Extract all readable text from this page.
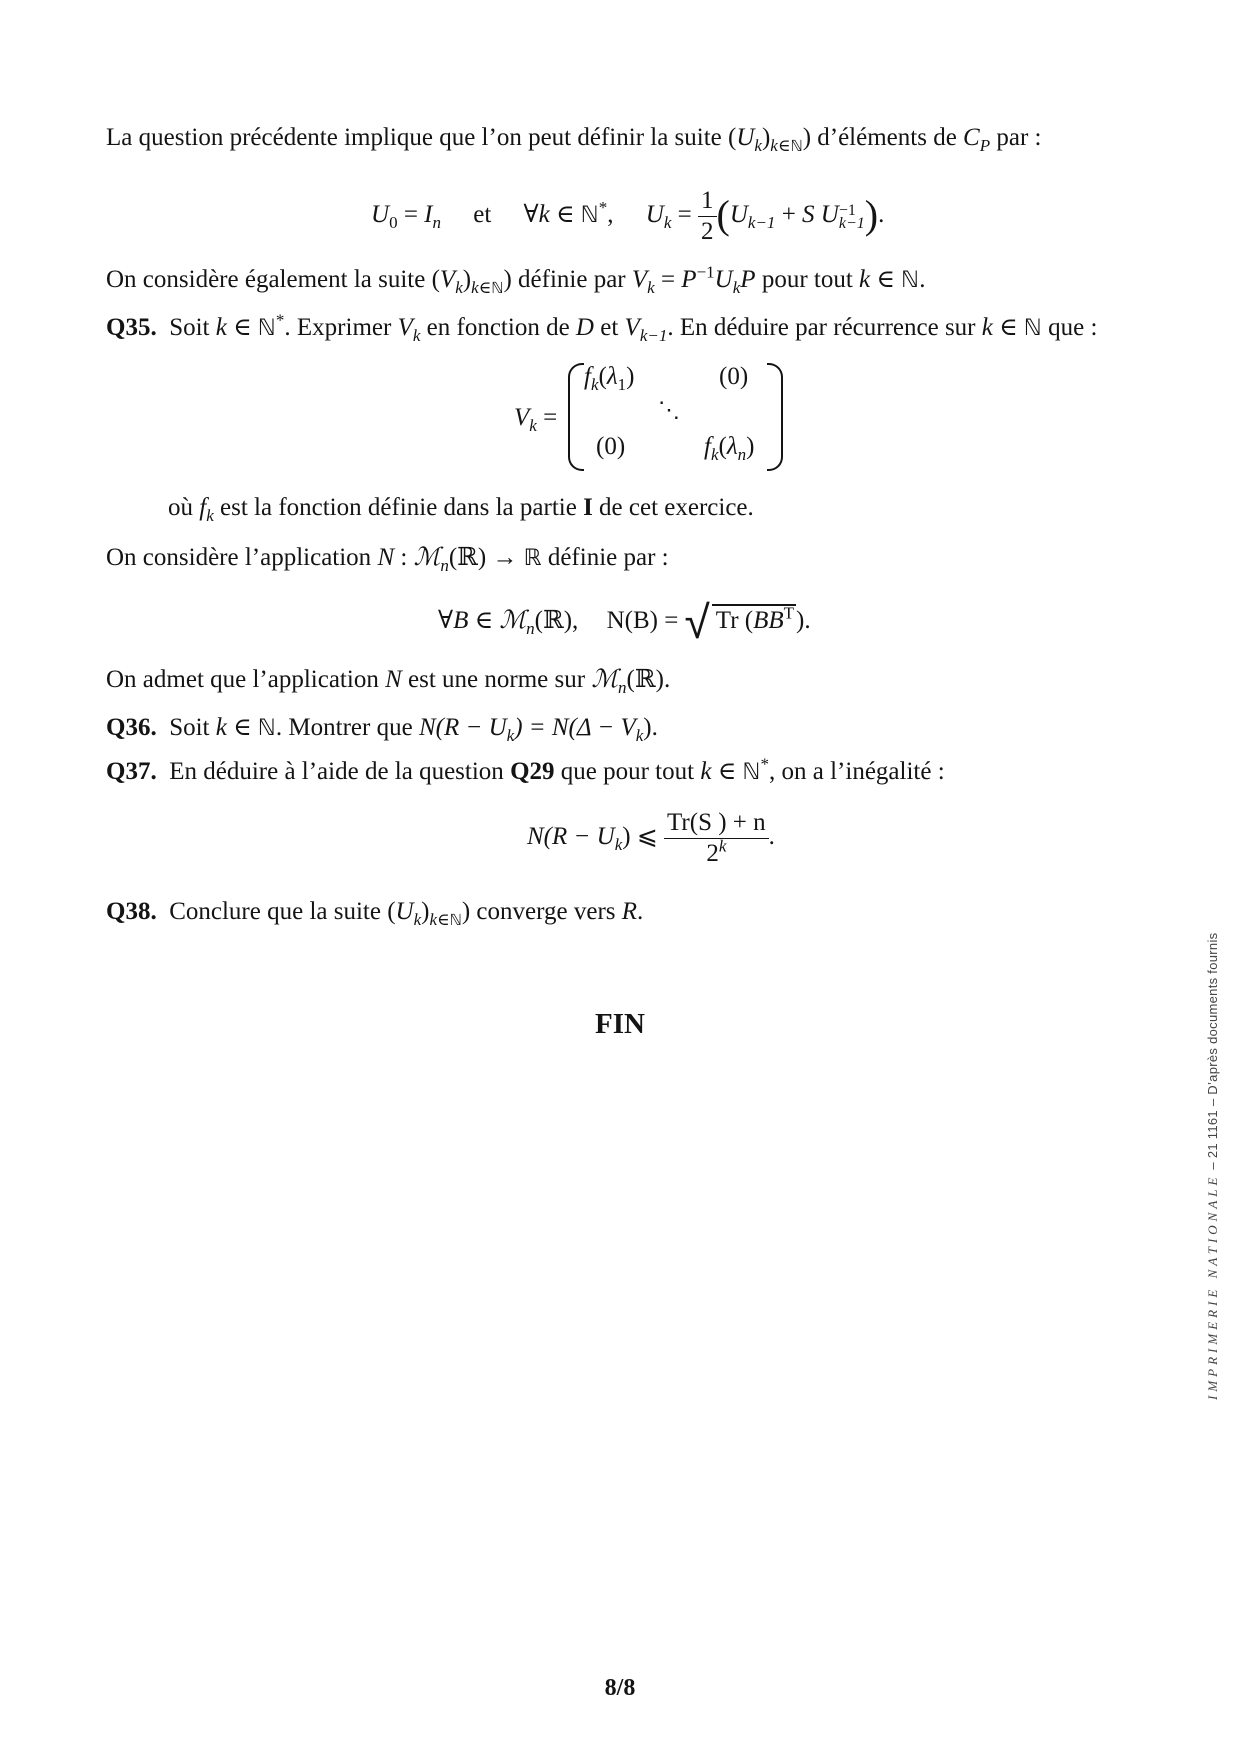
La question précédente implique que l’on peut définir la suite $(U_k)_{k\in ℕ}$) d’éléments de $C_P$ par :
$U_0 = I_n$ et ∀k ∈ ℕ*, $U_k = \frac{1}{2} (U_{k-1} + S$ U −1
k−1 ).
On considère également la suite $(V_k)_{k\in ℕ}$) définie par $V_k = P^{-1}U_kP$ pour tout k ∈ ℕ.
Q35. Soit k ∈ ℕ*. Exprimer $V_k$ en fonction de D et $V_{k-1}$. En déduire par récurrence sur k ∈ ℕ que :
$V_k$ =
$f_k(\lambda_1)$	(0)
⋱
(0)	$f_k(\lambda_n)$
où $f_k$ est la fonction définie dans la partie I de cet exercice.
On considère l’application N : ℳ$_n$(ℝ) → ℝ définie par :
∀B ∈ ℳ$_n$(ℝ), N(B) = √ Tr $(BB^T)$.
On admet que l’application N est une norme sur ℳ$_n$(ℝ).
Q36. Soit k ∈ ℕ. Montrer que $N(R - U_k) = N(\Delta - V_k)$.
Q37. En déduire à l’aide de la question Q29 que pour tout k ∈ ℕ*, on a l’inégalité :
$N(R - U_k)$ ⩽ $\frac{Tr(S ) + n}{2^k}$ .
Q38. Conclure que la suite $(U_k)_{k\in ℕ}$) converge vers R.
FIN
8/8
IMPRIMERIE NATIONALE – 21 1161 – D’après documents fournis
